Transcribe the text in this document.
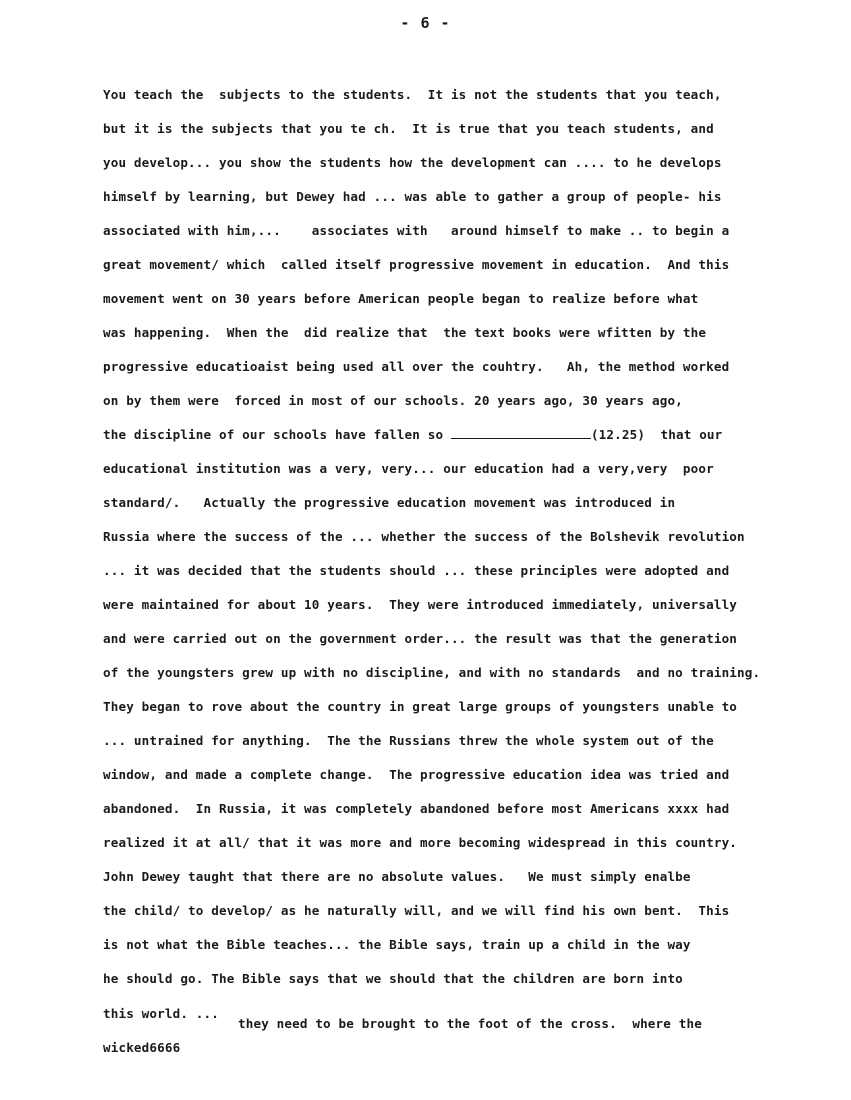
- 6 -
You teach the  subjects to the students.  It is not the students that you teach,
but it is the subjects that you te ch.  It is true that you teach students, and
you develop... you show the students how the development can .... to he develops
himself by learning, but Dewey had ... was able to gather a group of people- his
associated with him,...    associates with   around himself to make .. to begin a
great movement/ which  called itself progressive movement in education.  And this
movement went on 30 years before American people began to realize before what
was happening.  When the  did realize that  the text books were wfitten by the
progressive educatioaist being used all over the couhtry.   Ah, the method worked
on by them were  forced in most of our schools. 20 years ago, 30 years ago,
the discipline of our schools have fallen so	(12.25)  that our
educational institution was a very, very... our education had a very,very  poor
standard/.   Actually the progressive education movement was introduced in
Russia where the success of the ... whether the success of the Bolshevik revolution
... it was decided that the students should ... these principles were adopted and
were maintained for about 10 years.  They were introduced immediately, universally
and were carried out on the government order... the result was that the generation
of the youngsters grew up with no discipline, and with no standards  and no training.
They began to rove about the country in great large groups of youngsters unable to
... untrained for anything.  The the Russians threw the whole system out of the
window, and made a complete change.  The progressive education idea was tried and
abandoned.  In Russia, it was completely abandoned before most Americans xxxx had
realized it at all/ that it was more and more becoming widespread in this country.
John Dewey taught that there are no absolute values.   We must simply enalbe
the child/ to develop/ as he naturally will, and we will find his own bent.  This
is not what the Bible teaches... the Bible says, train up a child in the way
he should go. The Bible says that we should that the children are born into
this world. ...
they need to be brought to the foot of the cross.  where the
wicked6666
